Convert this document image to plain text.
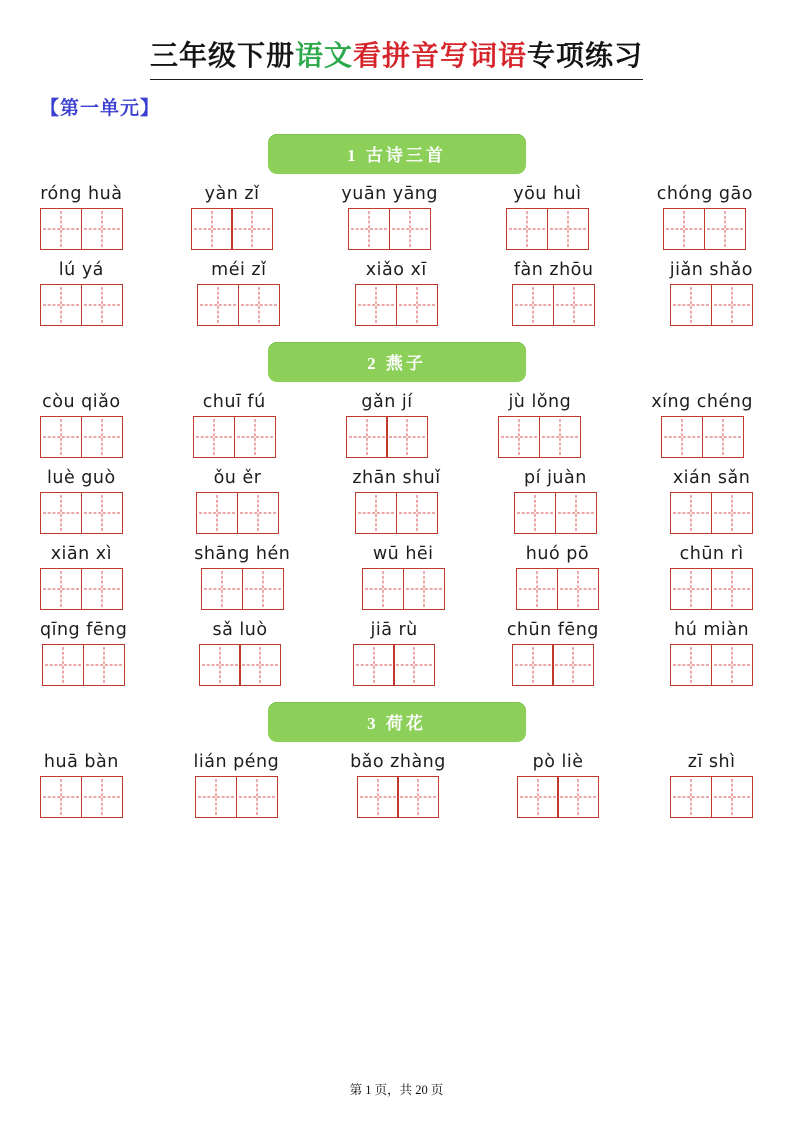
三年级下册语文看拼音写词语专项练习
【第一单元】
1 古诗三首
róng huà	yàn zǐ	yuān yāng	yōu huì	chóng gāo
lú yá	méi zǐ	xiǎo xī	fàn zhōu	jiǎn shǎo
2 燕子
còu qiǎo	chuī fú	gǎn jí	jù lǒng	xíng chéng
luè guò	ǒu ěr	zhān shuǐ	pí juàn	xián sǎn
xiān xì	shāng hén	wū hēi	huó pō	chūn rì
qīng fēng	sǎ luò	jiā rù	chūn fēng	hú miàn
3 荷花
huā bàn	lián péng	bǎo zhàng	pò liè	zī shì
第 1 页，共 20 页
